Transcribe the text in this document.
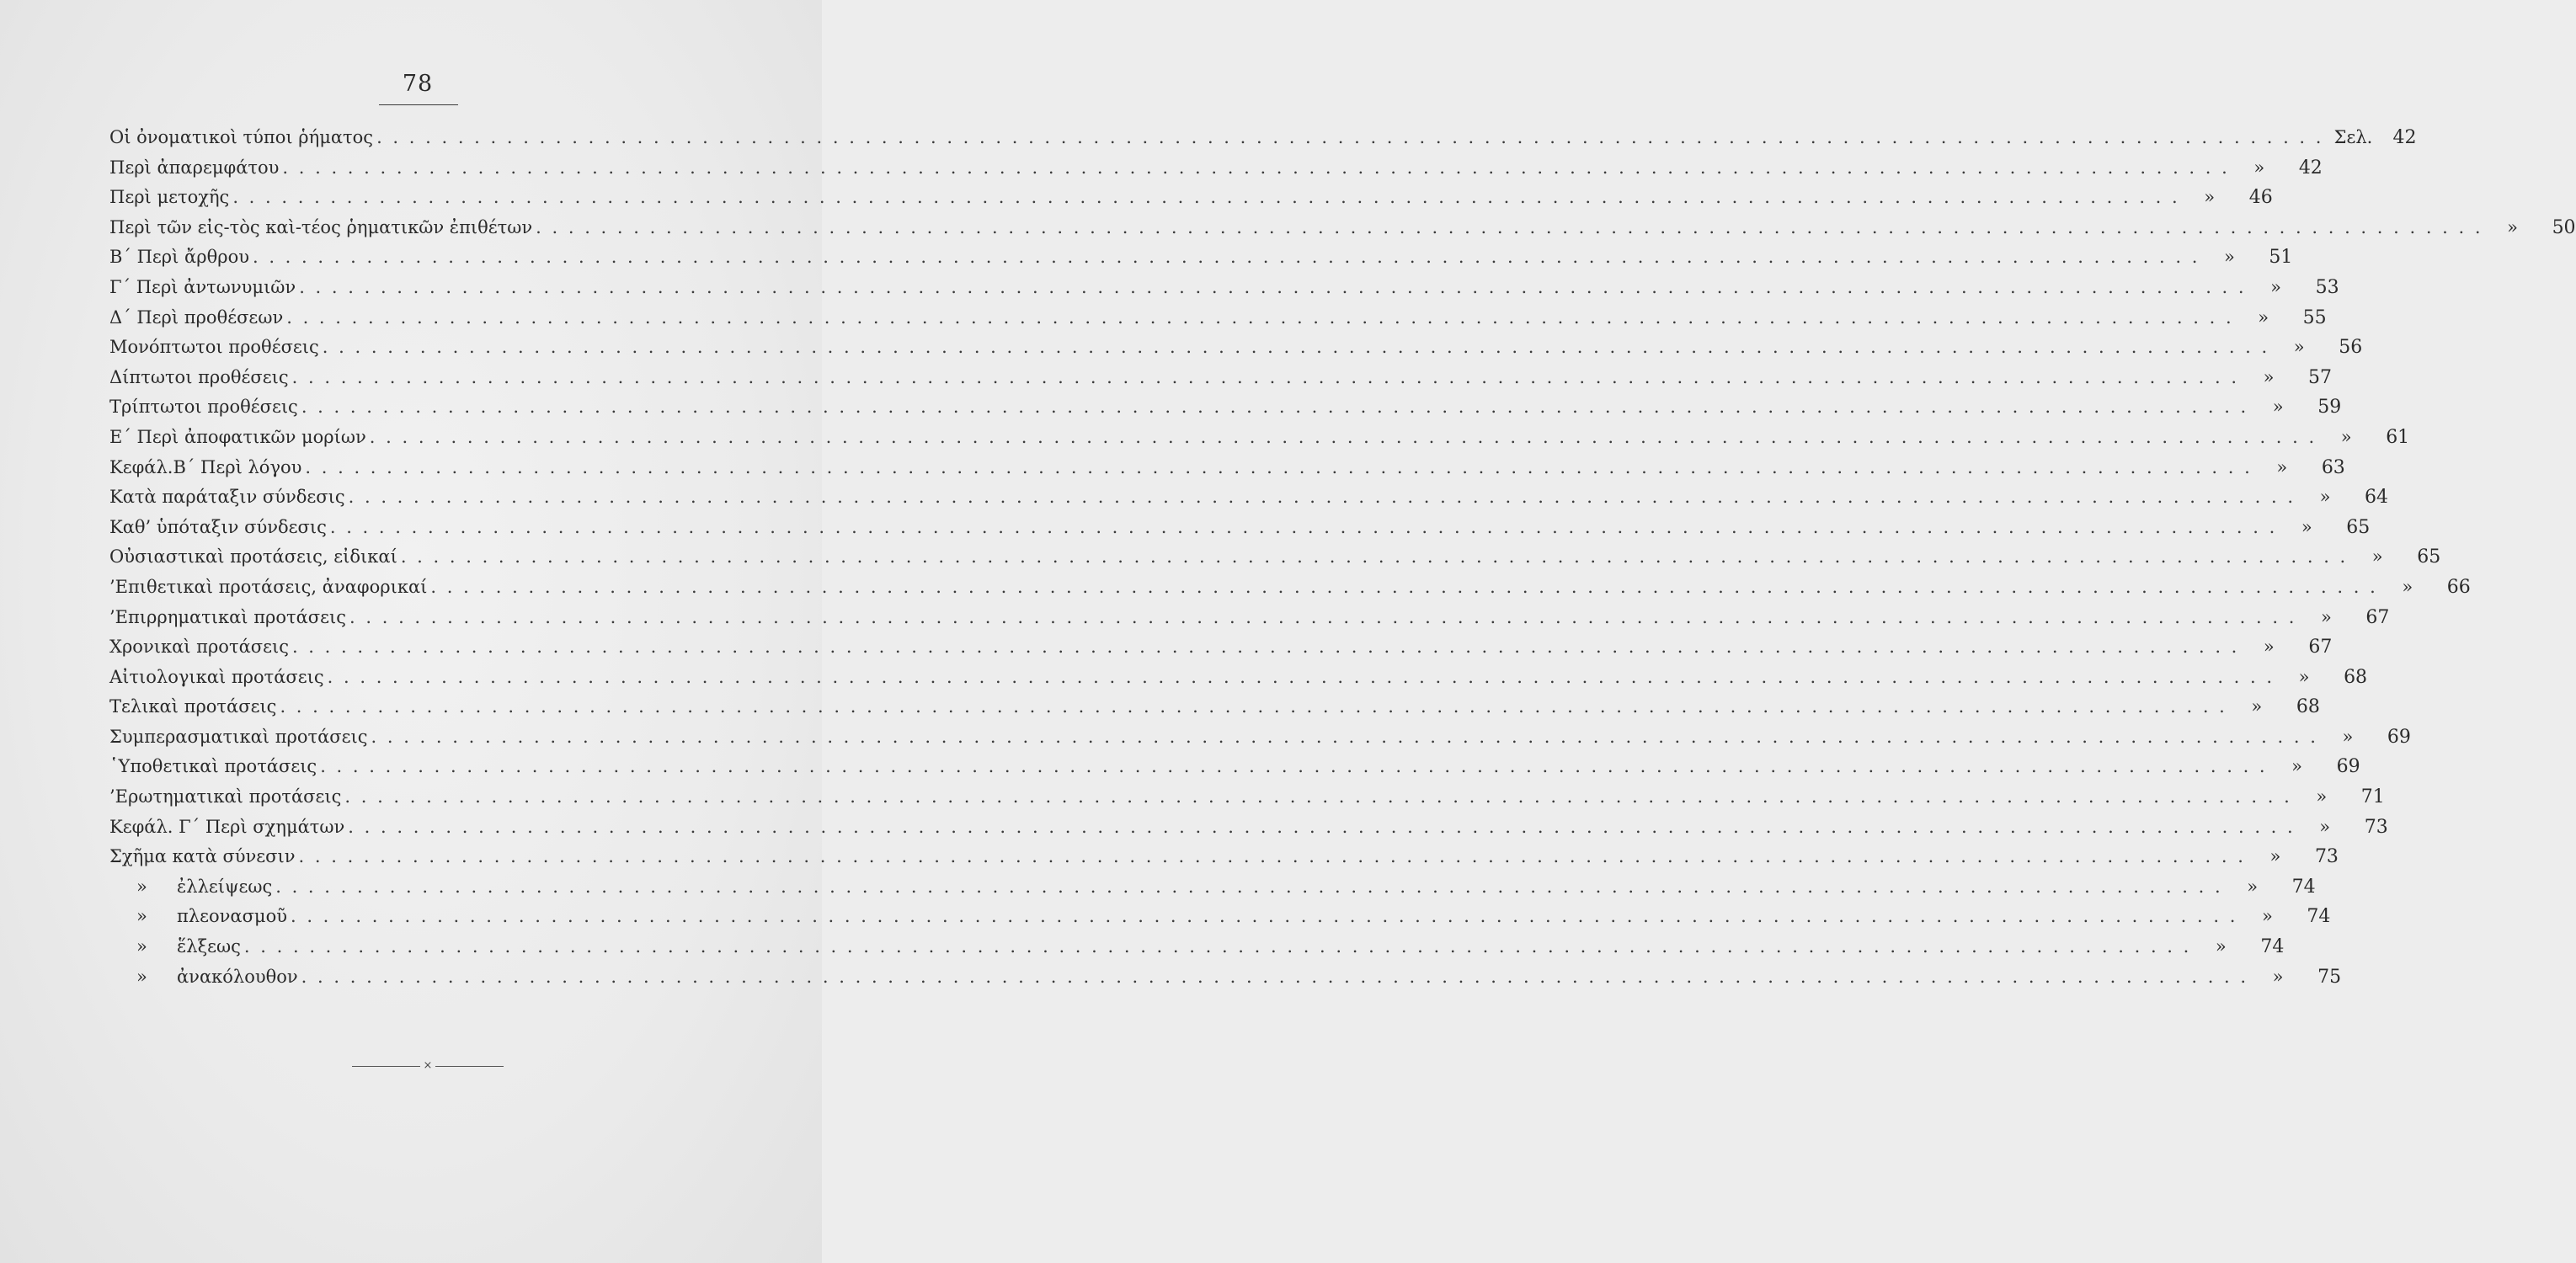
78
Οἱ ὀνοματικοὶ τύποι ῥήματος . . . . . . . . . . . . . . . . . . . . . . . . . . . . . . . . . . . . . . . . . . . . . . . . . . . . . . . . . . . . . . . . . . . . . . . . . . . . . . . . . . . . . . . . . . . . . . . . . . . . . . . . . . . . . . . . . . . . . . . . Σελ.	42
Περὶ ἀπαρεμφάτου . . . . . . . . . . . . . . . . . . . . . . . . . . . . . . . . . . . . . . . . . . . . . . . . . . . . . . . . . . . . . . . . . . . . . . . . . . . . . . . . . . . . . . . . . . . . . . . . . . . . . . . . . . . . . . . . . . . . . . . .	»	42
Περὶ μετοχῆς . . . . . . . . . . . . . . . . . . . . . . . . . . . . . . . . . . . . . . . . . . . . . . . . . . . . . . . . . . . . . . . . . . . . . . . . . . . . . . . . . . . . . . . . . . . . . . . . . . . . . . . . . . . . . . . . . . . . . . . .	»	46
Περὶ τῶν εἰς-τὸς καὶ-τέος ῥηματικῶν ἐπιθέτων . . . . . . . . . . . . . . . . . . . . . . . . . . . . . . . . . . . . . . . . . . . . . . . . . . . . . . . . . . . . . . . . . . . . . . . . . . . . . . . . . . . . . . . . . . . . . . . . . . . . . . . . . . . . . . . . . . . . . . . .	»	50
Β΄ Περὶ ἄρθρου . . . . . . . . . . . . . . . . . . . . . . . . . . . . . . . . . . . . . . . . . . . . . . . . . . . . . . . . . . . . . . . . . . . . . . . . . . . . . . . . . . . . . . . . . . . . . . . . . . . . . . . . . . . . . . . . . . . . . . . .	»	51
Γ΄ Περὶ ἀντωνυμιῶν . . . . . . . . . . . . . . . . . . . . . . . . . . . . . . . . . . . . . . . . . . . . . . . . . . . . . . . . . . . . . . . . . . . . . . . . . . . . . . . . . . . . . . . . . . . . . . . . . . . . . . . . . . . . . . . . . . . . . . . .	»	53
Δ΄ Περὶ προθέσεων . . . . . . . . . . . . . . . . . . . . . . . . . . . . . . . . . . . . . . . . . . . . . . . . . . . . . . . . . . . . . . . . . . . . . . . . . . . . . . . . . . . . . . . . . . . . . . . . . . . . . . . . . . . . . . . . . . . . . . . .	»	55
Μονόπτωτοι προθέσεις . . . . . . . . . . . . . . . . . . . . . . . . . . . . . . . . . . . . . . . . . . . . . . . . . . . . . . . . . . . . . . . . . . . . . . . . . . . . . . . . . . . . . . . . . . . . . . . . . . . . . . . . . . . . . . . . . . . . . . . .	»	56
Δίπτωτοι προθέσεις . . . . . . . . . . . . . . . . . . . . . . . . . . . . . . . . . . . . . . . . . . . . . . . . . . . . . . . . . . . . . . . . . . . . . . . . . . . . . . . . . . . . . . . . . . . . . . . . . . . . . . . . . . . . . . . . . . . . . . . .	»	57
Τρίπτωτοι προθέσεις . . . . . . . . . . . . . . . . . . . . . . . . . . . . . . . . . . . . . . . . . . . . . . . . . . . . . . . . . . . . . . . . . . . . . . . . . . . . . . . . . . . . . . . . . . . . . . . . . . . . . . . . . . . . . . . . . . . . . . . .	»	59
Ε΄ Περὶ ἀποφατικῶν μορίων . . . . . . . . . . . . . . . . . . . . . . . . . . . . . . . . . . . . . . . . . . . . . . . . . . . . . . . . . . . . . . . . . . . . . . . . . . . . . . . . . . . . . . . . . . . . . . . . . . . . . . . . . . . . . . . . . . . . . . . .	»	61
Κεφάλ.Β΄ Περὶ λόγου . . . . . . . . . . . . . . . . . . . . . . . . . . . . . . . . . . . . . . . . . . . . . . . . . . . . . . . . . . . . . . . . . . . . . . . . . . . . . . . . . . . . . . . . . . . . . . . . . . . . . . . . . . . . . . . . . . . . . . . .	»	63
Κατὰ παράταξιν σύνδεσις . . . . . . . . . . . . . . . . . . . . . . . . . . . . . . . . . . . . . . . . . . . . . . . . . . . . . . . . . . . . . . . . . . . . . . . . . . . . . . . . . . . . . . . . . . . . . . . . . . . . . . . . . . . . . . . . . . . . . . . .	»	64
Καθ’ ὑπόταξιν σύνδεσις . . . . . . . . . . . . . . . . . . . . . . . . . . . . . . . . . . . . . . . . . . . . . . . . . . . . . . . . . . . . . . . . . . . . . . . . . . . . . . . . . . . . . . . . . . . . . . . . . . . . . . . . . . . . . . . . . . . . . . . .	»	65
Οὐσιαστικαὶ προτάσεις, εἰδικαί . . . . . . . . . . . . . . . . . . . . . . . . . . . . . . . . . . . . . . . . . . . . . . . . . . . . . . . . . . . . . . . . . . . . . . . . . . . . . . . . . . . . . . . . . . . . . . . . . . . . . . . . . . . . . . . . . . . . . . . .	»	65
’Επιθετικαὶ προτάσεις, ἀναφορικαί . . . . . . . . . . . . . . . . . . . . . . . . . . . . . . . . . . . . . . . . . . . . . . . . . . . . . . . . . . . . . . . . . . . . . . . . . . . . . . . . . . . . . . . . . . . . . . . . . . . . . . . . . . . . . . . . . . . . . . . .	»	66
’Επιρρηματικαὶ προτάσεις . . . . . . . . . . . . . . . . . . . . . . . . . . . . . . . . . . . . . . . . . . . . . . . . . . . . . . . . . . . . . . . . . . . . . . . . . . . . . . . . . . . . . . . . . . . . . . . . . . . . . . . . . . . . . . . . . . . . . . . .	»	67
Χρονικαὶ προτάσεις . . . . . . . . . . . . . . . . . . . . . . . . . . . . . . . . . . . . . . . . . . . . . . . . . . . . . . . . . . . . . . . . . . . . . . . . . . . . . . . . . . . . . . . . . . . . . . . . . . . . . . . . . . . . . . . . . . . . . . . .	»	67
Αἰτιολογικαὶ προτάσεις . . . . . . . . . . . . . . . . . . . . . . . . . . . . . . . . . . . . . . . . . . . . . . . . . . . . . . . . . . . . . . . . . . . . . . . . . . . . . . . . . . . . . . . . . . . . . . . . . . . . . . . . . . . . . . . . . . . . . . . .	»	68
Τελικαὶ προτάσεις . . . . . . . . . . . . . . . . . . . . . . . . . . . . . . . . . . . . . . . . . . . . . . . . . . . . . . . . . . . . . . . . . . . . . . . . . . . . . . . . . . . . . . . . . . . . . . . . . . . . . . . . . . . . . . . . . . . . . . . .	»	68
Συμπερασματικαὶ προτάσεις . . . . . . . . . . . . . . . . . . . . . . . . . . . . . . . . . . . . . . . . . . . . . . . . . . . . . . . . . . . . . . . . . . . . . . . . . . . . . . . . . . . . . . . . . . . . . . . . . . . . . . . . . . . . . . . . . . . . . . . .	»	69
῾Υποθετικαὶ προτάσεις . . . . . . . . . . . . . . . . . . . . . . . . . . . . . . . . . . . . . . . . . . . . . . . . . . . . . . . . . . . . . . . . . . . . . . . . . . . . . . . . . . . . . . . . . . . . . . . . . . . . . . . . . . . . . . . . . . . . . . . .	»	69
’Ερωτηματικαὶ προτάσεις . . . . . . . . . . . . . . . . . . . . . . . . . . . . . . . . . . . . . . . . . . . . . . . . . . . . . . . . . . . . . . . . . . . . . . . . . . . . . . . . . . . . . . . . . . . . . . . . . . . . . . . . . . . . . . . . . . . . . . . .	»	71
Κεφάλ. Γ΄ Περὶ σχημάτων . . . . . . . . . . . . . . . . . . . . . . . . . . . . . . . . . . . . . . . . . . . . . . . . . . . . . . . . . . . . . . . . . . . . . . . . . . . . . . . . . . . . . . . . . . . . . . . . . . . . . . . . . . . . . . . . . . . . . . . .	»	73
Σχῆμα κατὰ σύνεσιν . . . . . . . . . . . . . . . . . . . . . . . . . . . . . . . . . . . . . . . . . . . . . . . . . . . . . . . . . . . . . . . . . . . . . . . . . . . . . . . . . . . . . . . . . . . . . . . . . . . . . . . . . . . . . . . . . . . . . . . .	»	73
» ἐλλείψεως . . . . . . . . . . . . . . . . . . . . . . . . . . . . . . . . . . . . . . . . . . . . . . . . . . . . . . . . . . . . . . . . . . . . . . . . . . . . . . . . . . . . . . . . . . . . . . . . . . . . . . . . . . . . . . . . . . . . . . . .	»	74
» πλεονασμοῦ . . . . . . . . . . . . . . . . . . . . . . . . . . . . . . . . . . . . . . . . . . . . . . . . . . . . . . . . . . . . . . . . . . . . . . . . . . . . . . . . . . . . . . . . . . . . . . . . . . . . . . . . . . . . . . . . . . . . . . . .	»	74
» ἕλξεως . . . . . . . . . . . . . . . . . . . . . . . . . . . . . . . . . . . . . . . . . . . . . . . . . . . . . . . . . . . . . . . . . . . . . . . . . . . . . . . . . . . . . . . . . . . . . . . . . . . . . . . . . . . . . . . . . . . . . . . .	»	74
» ἀνακόλουθον . . . . . . . . . . . . . . . . . . . . . . . . . . . . . . . . . . . . . . . . . . . . . . . . . . . . . . . . . . . . . . . . . . . . . . . . . . . . . . . . . . . . . . . . . . . . . . . . . . . . . . . . . . . . . . . . . . . . . . . .	»	75
×
